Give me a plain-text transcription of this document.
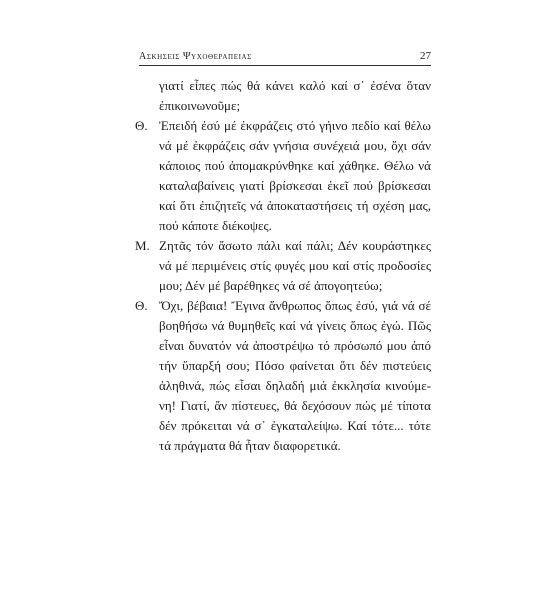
Ασκησεις Ψυχοθεραπειας	27
γιατί εἶπες πώς θά κάνει καλό καί σ᾿ ἐσένα ὅταν
ἐπικοινωνοῦμε;
Θ. Ἐπειδή ἐσύ μέ ἐκφράζεις στό γήινο πεδίο καί θέλω
νά μέ ἐκφράζεις σάν γνήσια συνέχειά μου, ὄχι σάν
κάποιος πού ἀπομακρύνθηκε καί χάθηκε. Θέλω νά
καταλαβαίνεις γιατί βρίσκεσαι ἐκεῖ πού βρίσκεσαι
καί ὅτι ἐπιζητεῖς νά ἀποκαταστήσεις τή σχέση μας,
πού κάποτε διέκοψες.
Μ. Ζητᾶς τόν ἄσωτο πάλι καί πάλι; Δέν κουράστηκες
νά μέ περιμένεις στίς φυγές μου καί στίς προδοσίες
μου; Δέν μέ βαρέθηκες νά σέ ἀπογοητεύω;
Θ. Ὄχι, βέβαια! Ἔγινα ἄνθρωπος ὅπως ἐσύ, γιά νά σέ
βοηθήσω νά θυμηθεῖς καί νά γίνεις ὅπως ἐγώ. Πῶς
εἶναι δυνατόν νά ἀποστρέψω τό πρόσωπό μου ἀπό
τήν ὕπαρξή σου; Πόσο φαίνεται ὅτι δέν πιστεύεις
ἀληθινά, πώς εἶσαι δηλαδή μιά ἐκκλησία κινούμε-
νη! Γιατί, ἄν πίστευες, θά δεχόσουν πώς μέ τίποτα
δέν πρόκειται νά σ᾿ ἐγκαταλείψω. Καί τότε... τότε
τά πράγματα θά ἦταν διαφορετικά.
